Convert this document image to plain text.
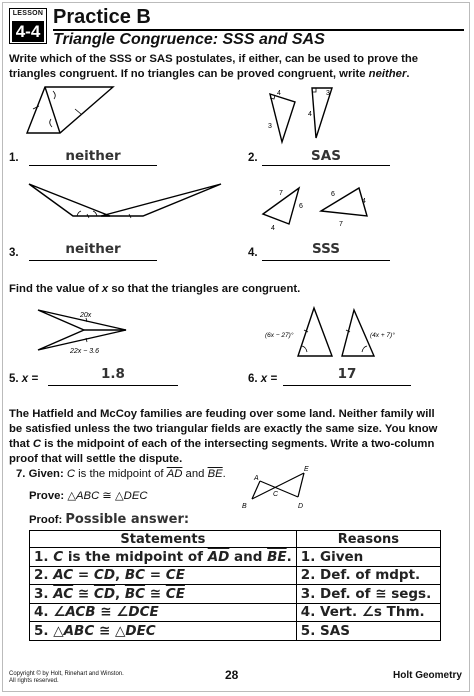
LESSON
4-4
Practice B
Triangle Congruence: SSS and SAS
Write which of the SSS or SAS postulates, if either, can be used to prove the
triangles congruent. If no triangles can be proved congruent, write neither.
4
3
3
4
1.	neither	2.	SAS
7
6
4
6
4
7
3.	neither	4.	SSS
Find the value of x so that the triangles are congruent.
20x
22x − 3.6
(6x − 27)°	(4x + 7)°
5. x =	1.8	6. x =	17
The Hatfield and McCoy families are feuding over some land. Neither family will
be satisfied unless the two triangular fields are exactly the same size. You know
that C is the midpoint of each of the intersecting segments. Write a two-column
proof that will settle the dispute.
7. Given: C is the midpoint of $\overline{AD}$ and $\overline{BE}$.
Prove: △ABC ≅ △DEC
Proof: Possible answer:
A
B
C
D
E
Statements	Reasons
1. C is the midpoint of $\overline{AD}$ and $\overline{BE}$.	1. Given
2. AC = CD, BC = CE	2. Def. of mdpt.
3. $\overline{AC}$ ≅ $\overline{CD}$, $\overline{BC}$ ≅ $\overline{CE}$	3. Def. of ≅ segs.
4. ∠ACB ≅ ∠DCE	4. Vert. ∠s Thm.
5. △ABC ≅ △DEC	5. SAS
Copyright © by Holt, Rinehart and Winston.
All rights reserved.	28	Holt Geometry
